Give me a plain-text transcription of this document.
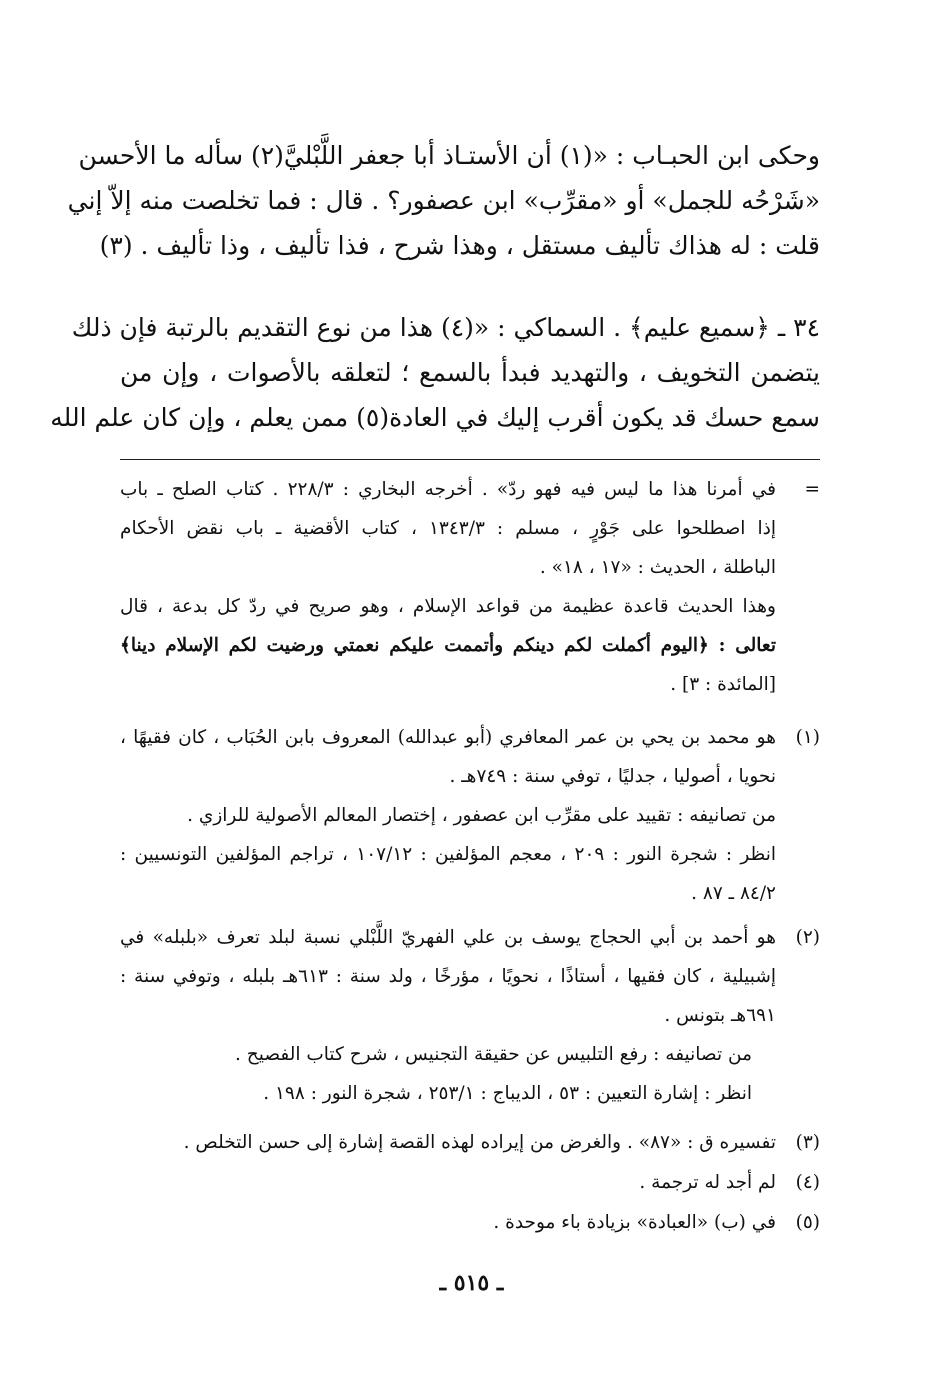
وحكى ابن الحبـاب : «(١) أن الأستـاذ أبا جعفر اللَّبْليَّ(٢) سأله ما الأحسن
«شَرْحُه للجمل» أو «مقرِّب» ابن عصفور؟ . قال : فما تخلصت منه إلاّ إني
قلت : له هذاك تأليف مستقل ، وهذا شرح ، فذا تأليف ، وذا تأليف . (٣)
٣٤ ـ ﴿سميع عليم﴾ . السماكي : «(٤) هذا من نوع التقديم بالرتبة فإن ذلك
يتضمن التخويف ، والتهديد فبدأ بالسمع ؛ لتعلقه بالأصوات ، وإن من
سمع حسك قد يكون أقرب إليك في العادة(٥) ممن يعلم ، وإن كان علم الله
=
في أمرنا هذا ما ليس فيه فهو ردّ» . أخرجه البخاري : ٢٢٨/٣ . كتاب الصلح ـ باب
إذا اصطلحوا على جَوْرٍ ، مسلم : ١٣٤٣/٣ ، كتاب الأقضية ـ باب نقض الأحكام
الباطلة ، الحديث : «١٧ ، ١٨» .
وهذا الحديث قاعدة عظيمة من قواعد الإسلام ، وهو صريح في ردّ كل بدعة ، قال
تعالى : ﴿اليوم أكملت لكم دينكم وأتممت عليكم نعمتي ورضيت لكم الإسلام دينا﴾
[المائدة : ٣] .
(١)
هو محمد بن يحي بن عمر المعافري (أبو عبدالله) المعروف بابن الحُبَاب ، كان فقيهًا ،
نحويا ، أصوليا ، جدليًا ، توفي سنة : ٧٤٩هـ .
من تصانيفه : تقييد على مقرِّب ابن عصفور ، إختصار المعالم الأصولية للرازي .
انظر : شجرة النور : ٢٠٩ ، معجم المؤلفين : ١٠٧/١٢ ، تراجم المؤلفين التونسيين :
٨٤/٢ ـ ٨٧ .
(٢)
هو أحمد بن أبي الحجاج يوسف بن علي الفهريّ اللَّبْلي نسبة لبلد تعرف «بلبله» في
إشبيلية ، كان فقيها ، أستاذًا ، نحويًا ، مؤرخًا ، ولد سنة : ٦١٣هـ بلبله ، وتوفي سنة :
٦٩١هـ بتونس .
من تصانيفه : رفع التلبيس عن حقيقة التجنيس ، شرح كتاب الفصيح .
انظر : إشارة التعيين : ٥٣ ، الديباج : ٢٥٣/١ ، شجرة النور : ١٩٨ .
(٣)
تفسيره ق : «٨٧» . والغرض من إيراده لهذه القصة إشارة إلى حسن التخلص .
(٤)
لم أجد له ترجمة .
(٥)
في (ب) «العبادة» بزيادة باء موحدة .
ـ ٥١٥ ـ
